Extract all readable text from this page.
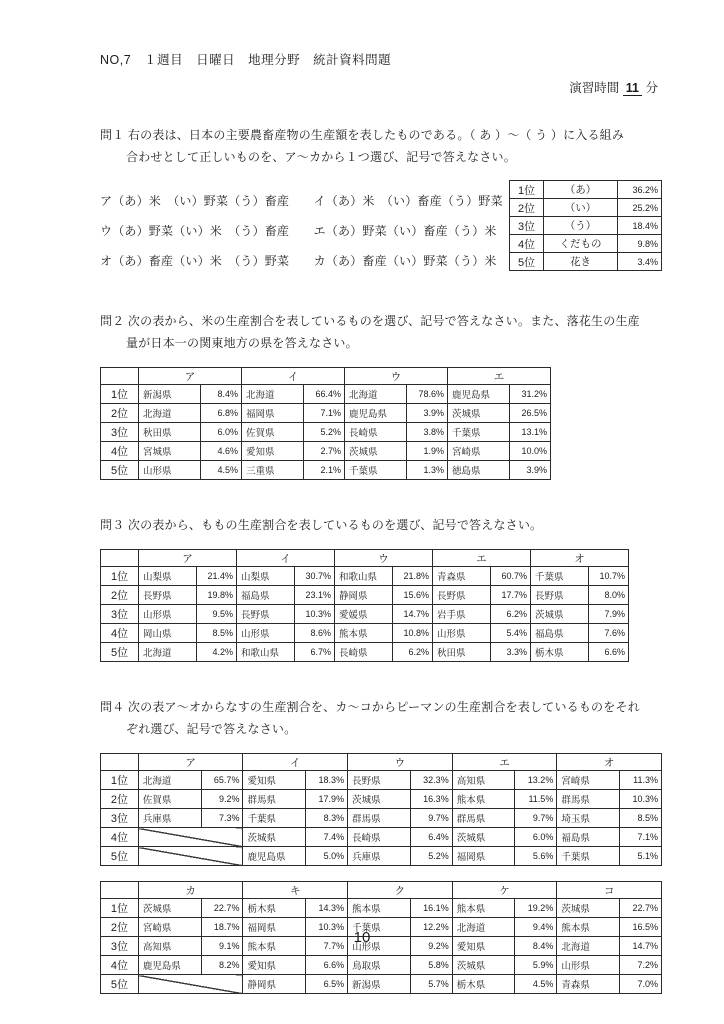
NO,7　１週目　日曜日　地理分野　統計資料問題
演習時間 11 分
問１ 右の表は、日本の主要農畜産物の生産額を表したものである。（ あ ）～（ う ）に入る組み
合わせとして正しいものを、ア～カから１つ選び、記号で答えなさい。
ア（あ）米　（い）野菜（う）畜産　　イ（あ）米　（い）畜産（う）野菜
ウ（あ）野菜（い）米　（う）畜産　　エ（あ）野菜（い）畜産（う）米
オ（あ）畜産（い）米　（う）野菜　　カ（あ）畜産（い）野菜（う）米
1位	（あ）	36.2%
2位	（い）	25.2%
3位	（う）	18.4%
4位	くだもの	9.8%
5位	花き	3.4%
問２ 次の表から、米の生産割合を表しているものを選び、記号で答えなさい。また、落花生の生産
量が日本一の関東地方の県を答えなさい。
	ア		イ		ウ		エ	
1位	新潟県	8.4%	北海道	66.4%	北海道	78.6%	鹿児島県	31.2%
2位	北海道	6.8%	福岡県	7.1%	鹿児島県	3.9%	茨城県	26.5%
3位	秋田県	6.0%	佐賀県	5.2%	長崎県	3.8%	千葉県	13.1%
4位	宮城県	4.6%	愛知県	2.7%	茨城県	1.9%	宮崎県	10.0%
5位	山形県	4.5%	三重県	2.1%	千葉県	1.3%	徳島県	3.9%
問３ 次の表から、ももの生産割合を表しているものを選び、記号で答えなさい。
	ア		イ		ウ		エ		オ	
1位	山梨県	21.4%	山梨県	30.7%	和歌山県	21.8%	青森県	60.7%	千葉県	10.7%
2位	長野県	19.8%	福島県	23.1%	静岡県	15.6%	長野県	17.7%	長野県	8.0%
3位	山形県	9.5%	長野県	10.3%	愛媛県	14.7%	岩手県	6.2%	茨城県	7.9%
4位	岡山県	8.5%	山形県	8.6%	熊本県	10.8%	山形県	5.4%	福島県	7.6%
5位	北海道	4.2%	和歌山県	6.7%	長崎県	6.2%	秋田県	3.3%	栃木県	6.6%
問４ 次の表ア～オからなすの生産割合を、カ～コからピーマンの生産割合を表しているものをそれ
ぞれ選び、記号で答えなさい。
	ア		イ		ウ		エ		オ	
1位	北海道	65.7%	愛知県	18.3%	長野県	32.3%	高知県	13.2%	宮崎県	11.3%
2位	佐賀県	9.2%	群馬県	17.9%	茨城県	16.3%	熊本県	11.5%	群馬県	10.3%
3位	兵庫県	7.3%	千葉県	8.3%	群馬県	9.7%	群馬県	9.7%	埼玉県	8.5%
4位			茨城県	7.4%	長崎県	6.4%	茨城県	6.0%	福島県	7.1%
5位			鹿児島県	5.0%	兵庫県	5.2%	福岡県	5.6%	千葉県	5.1%
	カ		キ		ク		ケ		コ	
1位	茨城県	22.7%	栃木県	14.3%	熊本県	16.1%	熊本県	19.2%	茨城県	22.7%
2位	宮崎県	18.7%	福岡県	10.3%	千葉県	12.2%	北海道	9.4%	熊本県	16.5%
3位	高知県	9.1%	熊本県	7.7%	山形県	9.2%	愛知県	8.4%	北海道	14.7%
4位	鹿児島県	8.2%	愛知県	6.6%	鳥取県	5.8%	茨城県	5.9%	山形県	7.2%
5位			静岡県	6.5%	新潟県	5.7%	栃木県	4.5%	青森県	7.0%
10
